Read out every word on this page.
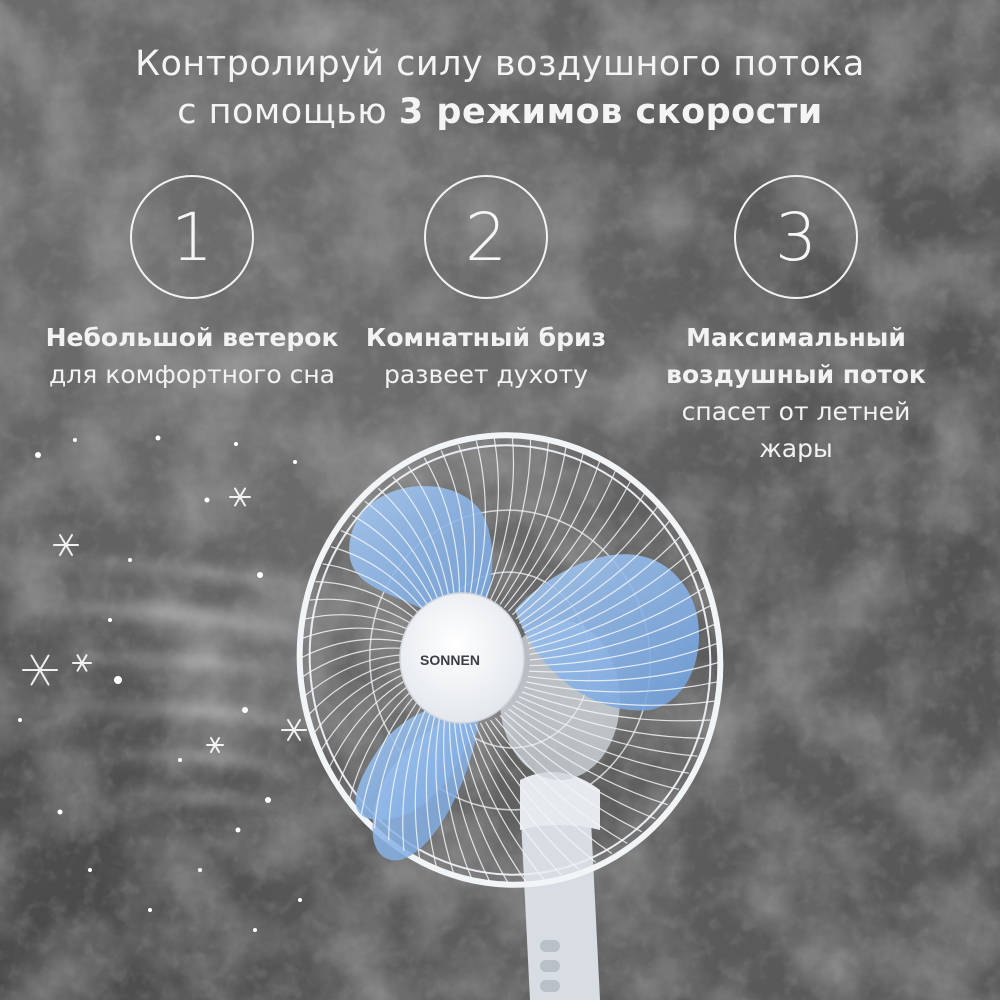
SONNEN
Контролируй силу воздушного потока
с помощью 3 режимов скорости
1
Небольшой ветерок для комфортного сна
2
Комнатный бриз
развеет духоту
3
Максимальный воздушный поток спасет от летней жары
